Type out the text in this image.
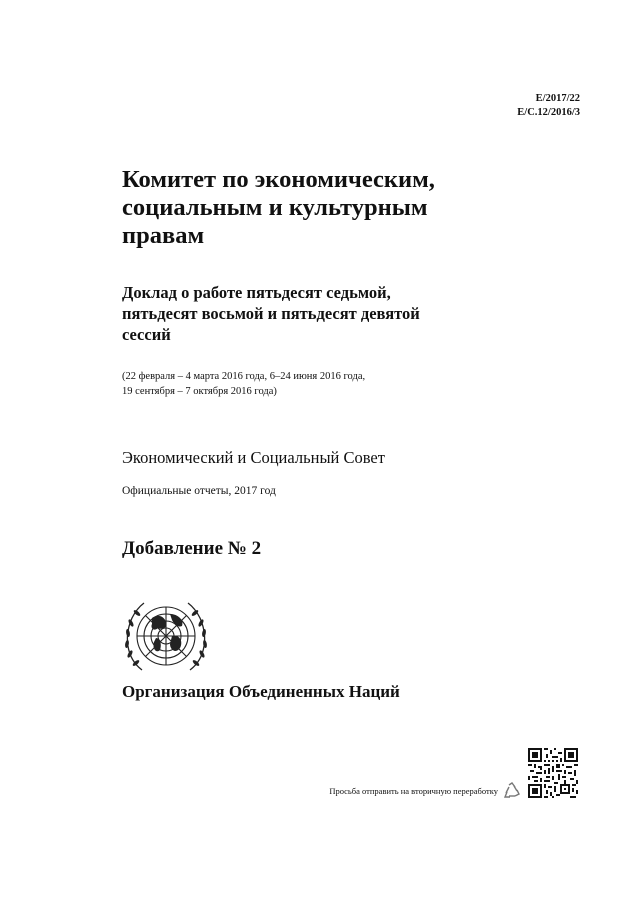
E/2017/22
E/C.12/2016/3
Комитет по экономическим,
социальным и культурным
правам
Доклад о работе пятьдесят седьмой,
пятьдесят восьмой и пятьдесят девятой
сессий
(22 февраля – 4 марта 2016 года, 6–24 июня 2016 года,
19 сентября – 7 октября 2016 года)
Экономический и Социальный Совет
Официальные отчеты, 2017 год
Добавление № 2
Организация Объединенных Наций
Просьба отправить на вторичную переработку
